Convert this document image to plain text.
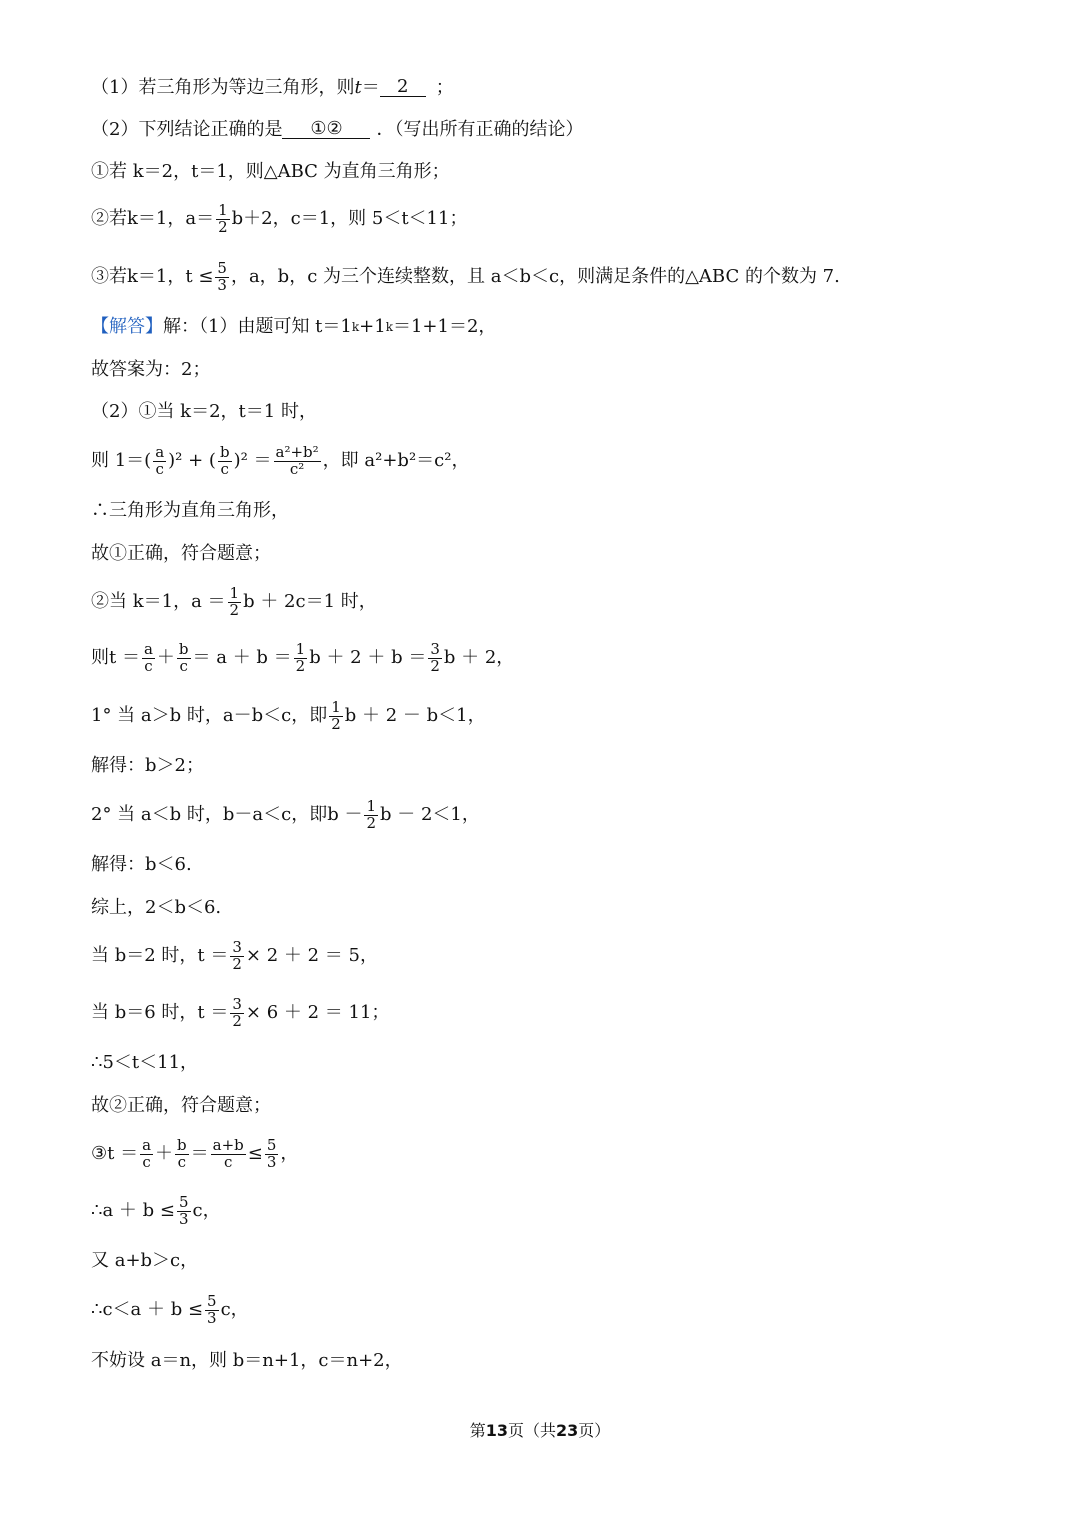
（1）若三角形为等边三角形，则 t ＝ 2	；
（2）下列结论正确的是	①②	．（写出所有正确的结论）
①若 k＝2，t＝1，则△ABC 为直角三角形；
②若k＝1，$a= \frac{1}{2} b+2$，c＝1，则 5＜t＜11；
③若k＝1，$t \le \frac{5}{3}$ ，a，b，c 为三个连续整数，且 a＜b＜c，则满足条件的△ABC 的个数为 7.
【解答】 解：（1）由题可知 t＝1 k +1 k ＝1+1＝2，
故答案为：2；
（2）①当 k＝2，t＝1 时，
则 $1=( \frac{a}{c} )^2$ + ( $\frac{b}{c} )^2 = \frac{\text{a²+b²}}{\text{c²}}$ ，即 a²+b²＝c²，
∴三角形为直角三角形，
故①正确，符合题意；
②当 k＝1，$a = \frac{1}{2}$ b ＋ 2c＝1 时，
则$t = \frac{a}{c} + \frac{b}{c} = a + b = \frac{1}{2}$ $b + 2 + b = \frac{3}{2}$ b ＋ 2，
1° 当 a＞b 时，a－b＜c，即 $\frac{1}{2}$ b ＋ 2 － b＜1，
解得：b＞2；
2° 当 a＜b 时，b－a＜c，即$b - \frac{1}{2}$ b － 2＜1，
解得：b＜6.
综上，2＜b＜6.
当 b＝2 时，$t = \frac{3}{2} \times 2 + 2 = 5$，
当 b＝6 时，$t = \frac{3}{2} \times 6 + 2 = 11$；
∴5＜t＜11，
故②正确，符合题意；
③t ＝ $\frac{a}{c} + \frac{b}{c} = \frac{a+b}{c} \le \frac{5}{3}$ ，
∴a ＋ $b \le \frac{5}{3}$ c，
又 a+b＞c，
∴c＜a ＋ $b \le \frac{5}{3}$ c，
不妨设 a＝n，则 b＝n+1，c＝n+2，
第13页（共23页）
